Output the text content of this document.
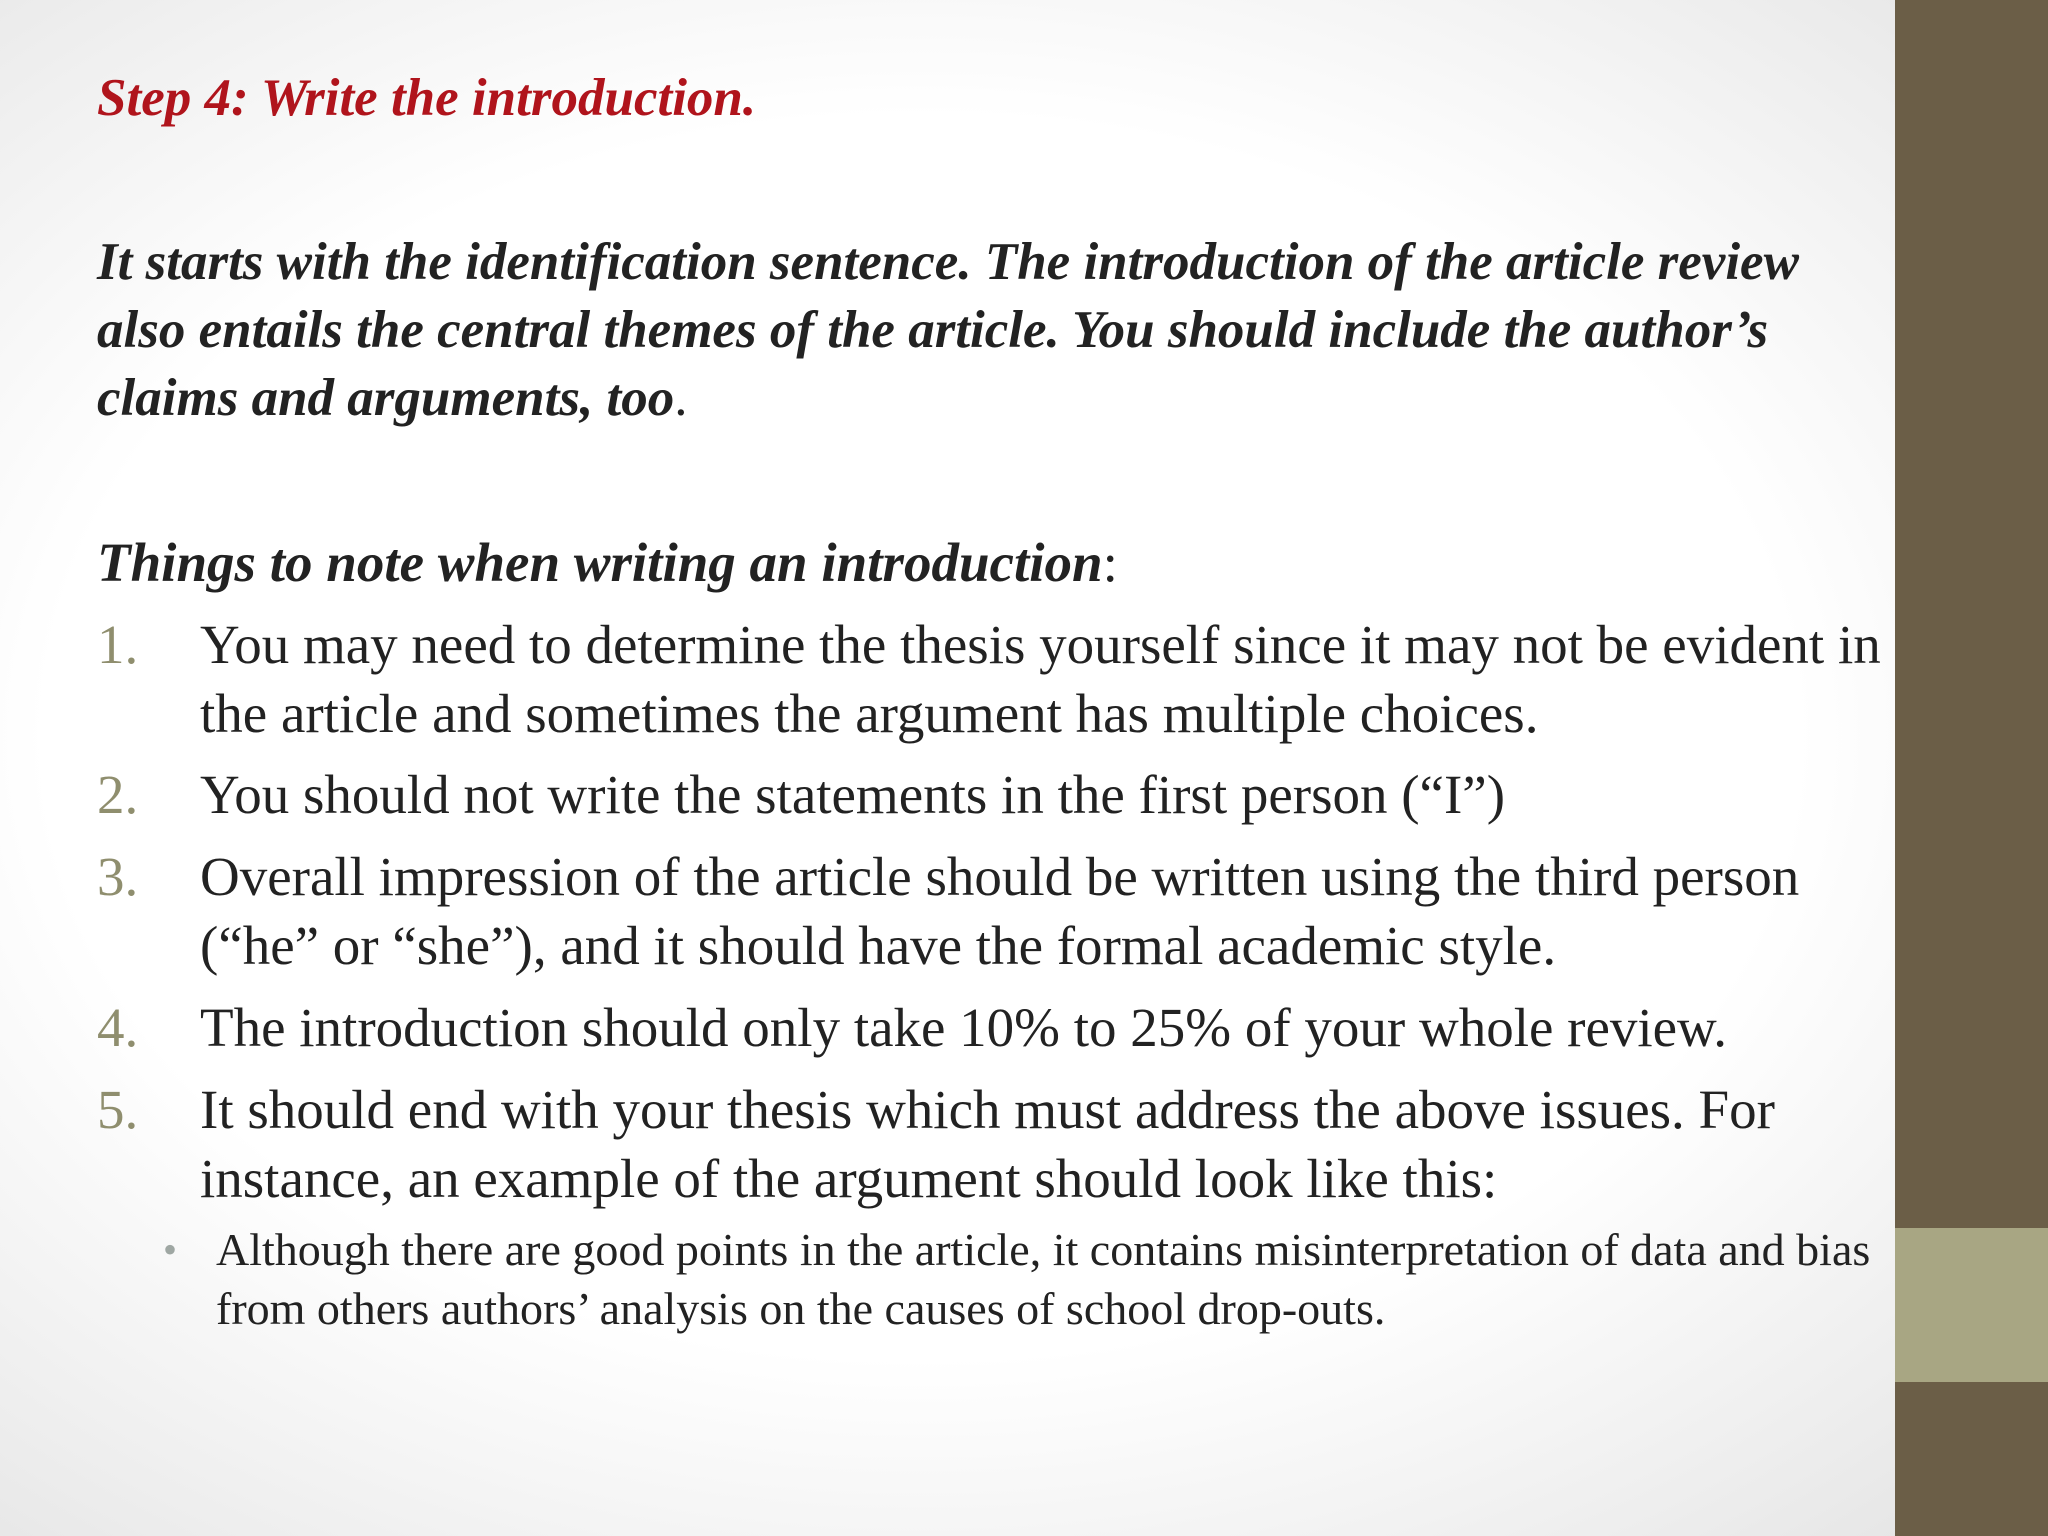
Step 4: Write the introduction.

It starts with the identification sentence. The introduction of the article review also entails the central themes of the article. You should include the author’s claims and arguments, too.

Things to note when writing an introduction:
1. You may need to determine the thesis yourself since it may not be evident in the article and sometimes the argument has multiple choices.
2. You should not write the statements in the first person (“I”)
3. Overall impression of the article should be written using the third person (“he” or “she”), and it should have the formal academic style.
4. The introduction should only take 10% to 25% of your whole review.
5. It should end with your thesis which must address the above issues. For instance, an example of the argument should look like this:
• Although there are good points in the article, it contains misinterpretation of data and bias from others authors’ analysis on the causes of school drop-outs.
